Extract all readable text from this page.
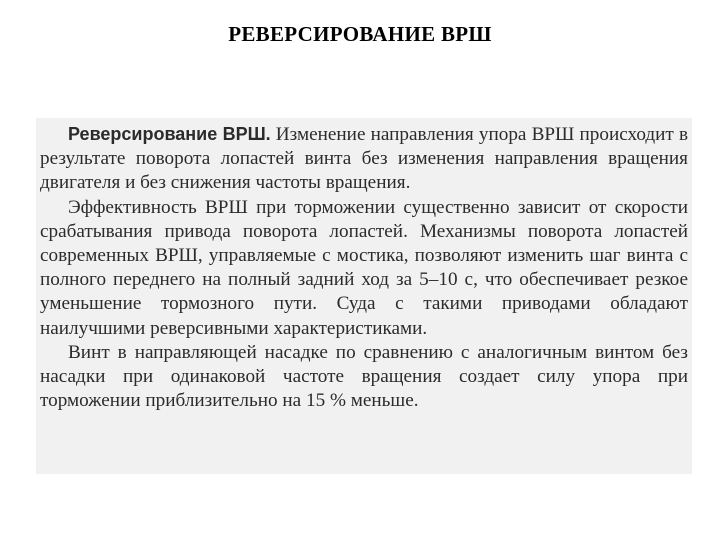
РЕВЕРСИРОВАНИЕ ВРШ

Реверсирование ВРШ. Изменение направления упора ВРШ происходит в результате поворота лопастей винта без изменения направления вращения двигателя и без снижения частоты вращения.

Эффективность ВРШ при торможении существенно зависит от скорости срабатывания привода поворота лопастей. Механизмы поворота лопастей современных ВРШ, управляемые с мостика, позволяют изменить шаг винта с полного переднего на полный задний ход за 5–10 с, что обеспечивает резкое уменьшение тормозного пути. Суда с такими приводами обладают наилучшими реверсивными характеристиками.

Винт в направляющей насадке по сравнению с аналогичным винтом без насадки при одинаковой частоте вращения создает силу упора при торможении приблизительно на 15 % меньше.
